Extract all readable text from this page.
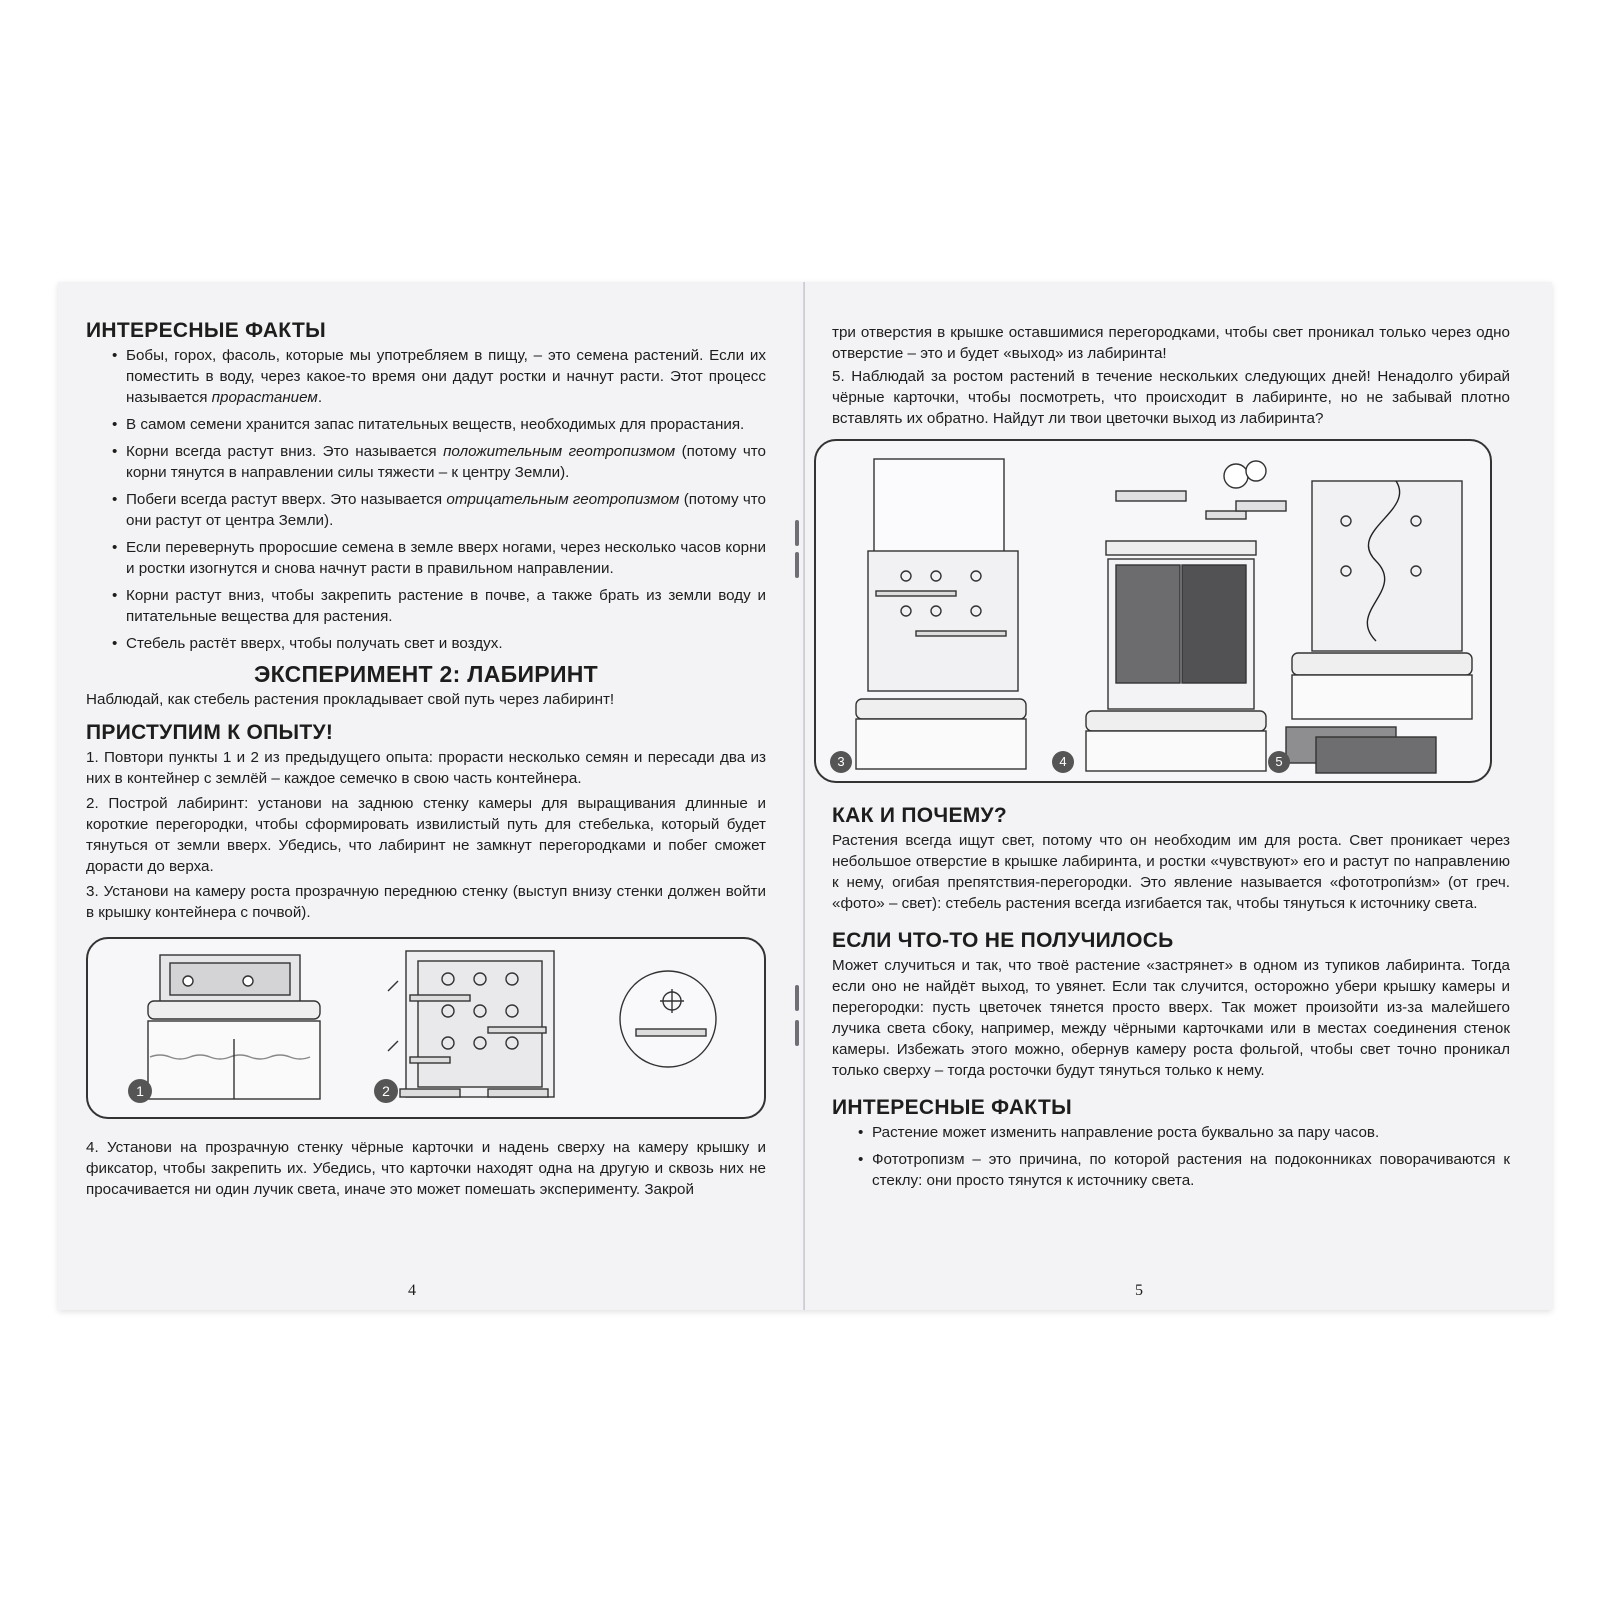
ИНТЕРЕСНЫЕ ФАКТЫ
• Бобы, горох, фасоль, которые мы употребляем в пищу, – это семена растений. Если их поместить в воду, через какое-то время они дадут ростки и начнут расти. Этот процесс называется прорастанием.
• В самом семени хранится запас питательных веществ, необходимых для прорастания.
• Корни всегда растут вниз. Это называется положительным геотропизмом (потому что корни тянутся в направлении силы тяжести – к центру Земли).
• Побеги всегда растут вверх. Это называется отрицательным геотропизмом (потому что они растут от центра Земли).
• Если перевернуть проросшие семена в земле вверх ногами, через несколько часов корни и ростки изогнутся и снова начнут расти в правильном направлении.
• Корни растут вниз, чтобы закрепить растение в почве, а также брать из земли воду и питательные вещества для растения.
• Стебель растёт вверх, чтобы получать свет и воздух.
ЭКСПЕРИМЕНТ 2: ЛАБИРИНТ

Наблюдай, как стебель растения прокладывает свой путь через лабиринт!

ПРИСТУПИМ К ОПЫТУ!

1. Повтори пункты 1 и 2 из предыдущего опыта: прорасти несколько семян и пересади два из них в контейнер с землёй – каждое семечко в свою часть контейнера.

2. Построй лабиринт: установи на заднюю стенку камеры для выращивания длинные и короткие перегородки, чтобы сформировать извилистый путь для стебелька, который будет тянуться от земли вверх. Убедись, что лабиринт не замкнут перегородками и побег сможет дорасти до верха.

3. Установи на камеру роста прозрачную переднюю стенку (выступ внизу стенки должен войти в крышку контейнера с почвой).

1	2

4. Установи на прозрачную стенку чёрные карточки и надень сверху на камеру крышку и фиксатор, чтобы закрепить их. Убедись, что карточки находят одна на другую и сквозь них не просачивается ни один лучик света, иначе это может помешать эксперименту. Закрой

4

три отверстия в крышке оставшимися перегородками, чтобы свет проникал только через одно отверстие – это и будет «выход» из лабиринта!

5. Наблюдай за ростом растений в течение нескольких следующих дней! Ненадолго убирай чёрные карточки, чтобы посмотреть, что происходит в лабиринте, но не забывай плотно вставлять их обратно. Найдут ли твои цветочки выход из лабиринта?

3	4	5
КАК И ПОЧЕМУ?

Растения всегда ищут свет, потому что он необходим им для роста. Свет проникает через небольшое отверстие в крышке лабиринта, и ростки «чувствуют» его и растут по направлению к нему, огибая препятствия-перегородки. Это явление называется «фототропи́зм» (от греч. «фото» – свет): стебель растения всегда изгибается так, чтобы тянуться к источнику света.

ЕСЛИ ЧТО-ТО НЕ ПОЛУЧИЛОСЬ

Может случиться и так, что твоё растение «застрянет» в одном из тупиков лабиринта. Тогда если оно не найдёт выход, то увянет. Если так случится, осторожно убери крышку камеры и перегородки: пусть цветочек тянется просто вверх. Так может произойти из-за малейшего лучика света сбоку, например, между чёрными карточками или в местах соединения стенок камеры. Избежать этого можно, обернув камеру роста фольгой, чтобы свет точно проникал только сверху – тогда росточки будут тянуться только к нему.

ИНТЕРЕСНЫЕ ФАКТЫ
• Растение может изменить направление роста буквально за пару часов.
• Фототропизм – это причина, по которой растения на подоконниках поворачиваются к стеклу: они просто тянутся к источнику света.
5
